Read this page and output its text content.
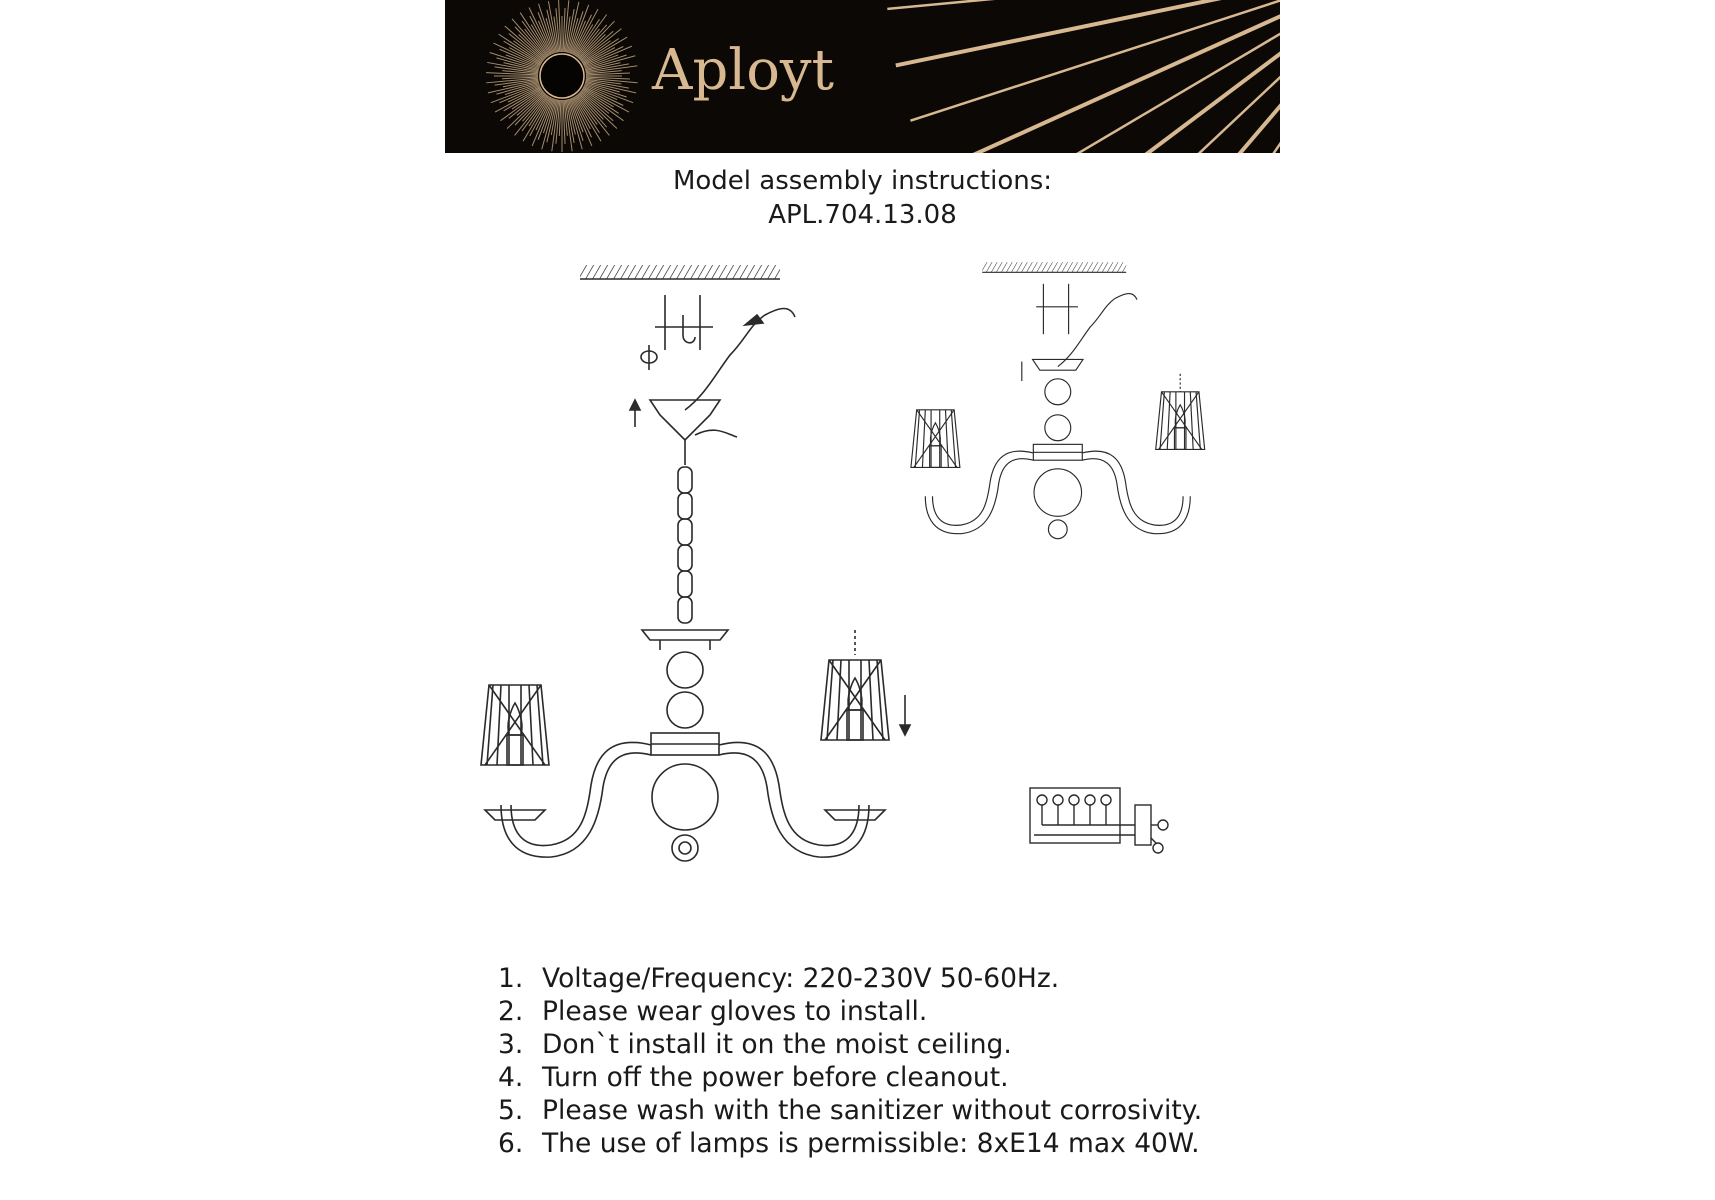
Aployt
Model assembly instructions:
APL.704.13.08
1. Voltage/Frequency: 220-230V 50-60Hz.
2. Please wear gloves to install.
3. Don`t install it on the moist ceiling.
4. Turn off the power before cleanout.
5. Please wash with the sanitizer without corrosivity.
6. The use of lamps is permissible: 8xE14 max 40W.
